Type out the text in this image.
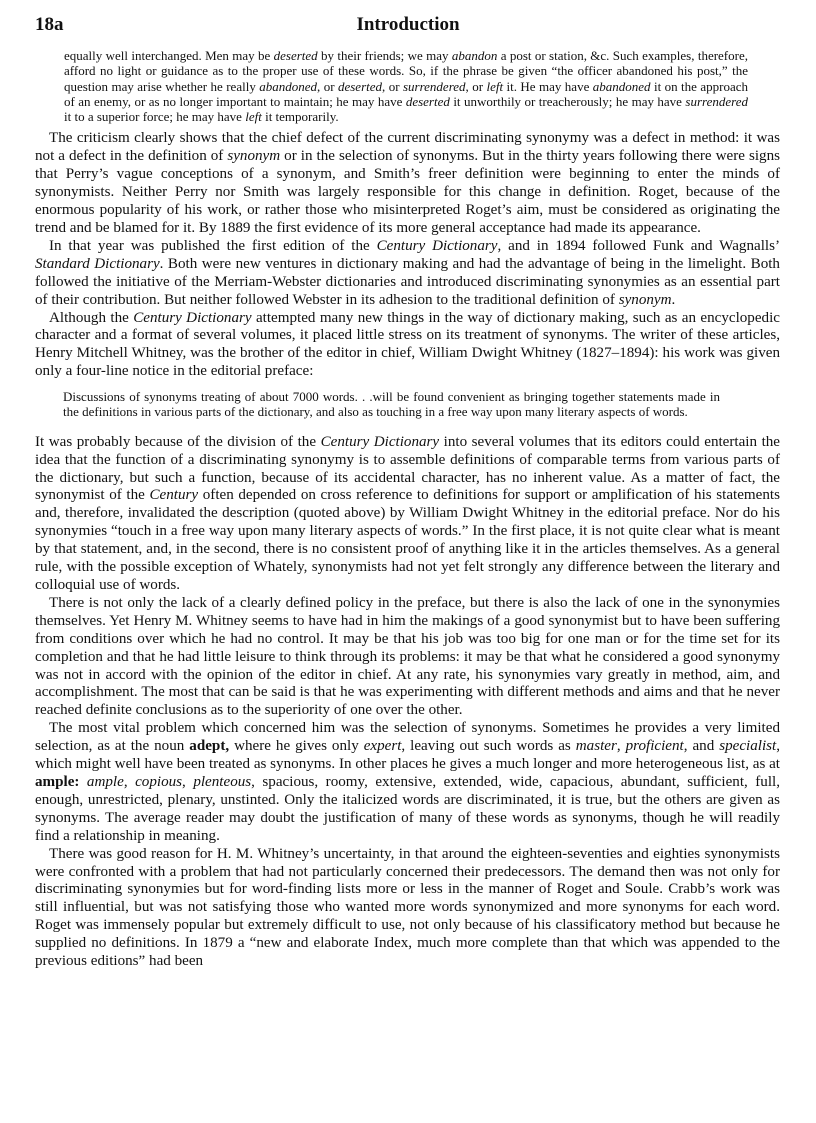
18a	Introduction

equally well interchanged. Men may be deserted by their friends; we may abandon a post or station, &c. Such examples, therefore, afford no light or guidance as to the proper use of these words. So, if the phrase be given “the officer abandoned his post,” the question may arise whether he really abandoned, or deserted, or surrendered, or left it. He may have abandoned it on the approach of an enemy, or as no longer important to maintain; he may have deserted it unworthily or treacherously; he may have surrendered it to a superior force; he may have left it temporarily.

The criticism clearly shows that the chief defect of the current discriminating synonymy was a defect in method: it was not a defect in the definition of synonym or in the selection of synonyms. But in the thirty years following there were signs that Perry’s vague conceptions of a synonym, and Smith’s freer definition were beginning to enter the minds of synonymists. Neither Perry nor Smith was largely responsible for this change in definition. Roget, because of the enormous popularity of his work, or rather those who misinterpreted Roget’s aim, must be considered as originating the trend and be blamed for it. By 1889 the first evidence of its more general acceptance had made its appearance.

In that year was published the first edition of the Century Dictionary, and in 1894 followed Funk and Wagnalls’ Standard Dictionary. Both were new ventures in dictionary making and had the advantage of being in the limelight. Both followed the initiative of the Merriam-Webster dictionaries and introduced discriminating synonymies as an essential part of their contribution. But neither followed Webster in its adhesion to the traditional definition of synonym.

Although the Century Dictionary attempted many new things in the way of dictionary making, such as an encyclopedic character and a format of several volumes, it placed little stress on its treatment of synonyms. The writer of these articles, Henry Mitchell Whitney, was the brother of the editor in chief, William Dwight Whitney (1827–1894): his work was given only a four-line notice in the editorial preface:

Discussions of synonyms treating of about 7000 words. . .will be found convenient as bringing together statements made in the definitions in various parts of the dictionary, and also as touching in a free way upon many literary aspects of words.

It was probably because of the division of the Century Dictionary into several volumes that its editors could entertain the idea that the function of a discriminating synonymy is to assemble definitions of comparable terms from various parts of the dictionary, but such a function, because of its accidental character, has no inherent value. As a matter of fact, the synonymist of the Century often depended on cross reference to definitions for support or amplification of his statements and, therefore, invalidated the description (quoted above) by William Dwight Whitney in the editorial preface. Nor do his synonymies “touch in a free way upon many literary aspects of words.” In the first place, it is not quite clear what is meant by that statement, and, in the second, there is no consistent proof of anything like it in the articles themselves. As a general rule, with the possible exception of Whately, synonymists had not yet felt strongly any difference between the literary and colloquial use of words.

There is not only the lack of a clearly defined policy in the preface, but there is also the lack of one in the synonymies themselves. Yet Henry M. Whitney seems to have had in him the makings of a good synonymist but to have been suffering from conditions over which he had no control. It may be that his job was too big for one man or for the time set for its completion and that he had little leisure to think through its problems: it may be that what he considered a good synonymy was not in accord with the opinion of the editor in chief. At any rate, his synonymies vary greatly in method, aim, and accomplishment. The most that can be said is that he was experimenting with different methods and aims and that he never reached definite conclusions as to the superiority of one over the other.

The most vital problem which concerned him was the selection of synonyms. Sometimes he provides a very limited selection, as at the noun adept, where he gives only expert, leaving out such words as master, proficient, and specialist, which might well have been treated as synonyms. In other places he gives a much longer and more heterogeneous list, as at ample: ample, copious, plenteous, spacious, roomy, extensive, extended, wide, capacious, abundant, sufficient, full, enough, unrestricted, plenary, unstinted. Only the italicized words are discriminated, it is true, but the others are given as synonyms. The average reader may doubt the justification of many of these words as synonyms, though he will readily find a relationship in meaning.

There was good reason for H. M. Whitney’s uncertainty, in that around the eighteen-seventies and eighties synonymists were confronted with a problem that had not particularly concerned their predecessors. The demand then was not only for discriminating synonymies but for word-finding lists more or less in the manner of Roget and Soule. Crabb’s work was still influential, but was not satisfying those who wanted more words synonymized and more synonyms for each word. Roget was immensely popular but extremely difficult to use, not only because of his classificatory method but because he supplied no definitions. In 1879 a “new and elaborate Index, much more complete than that which was appended to the previous editions” had been
